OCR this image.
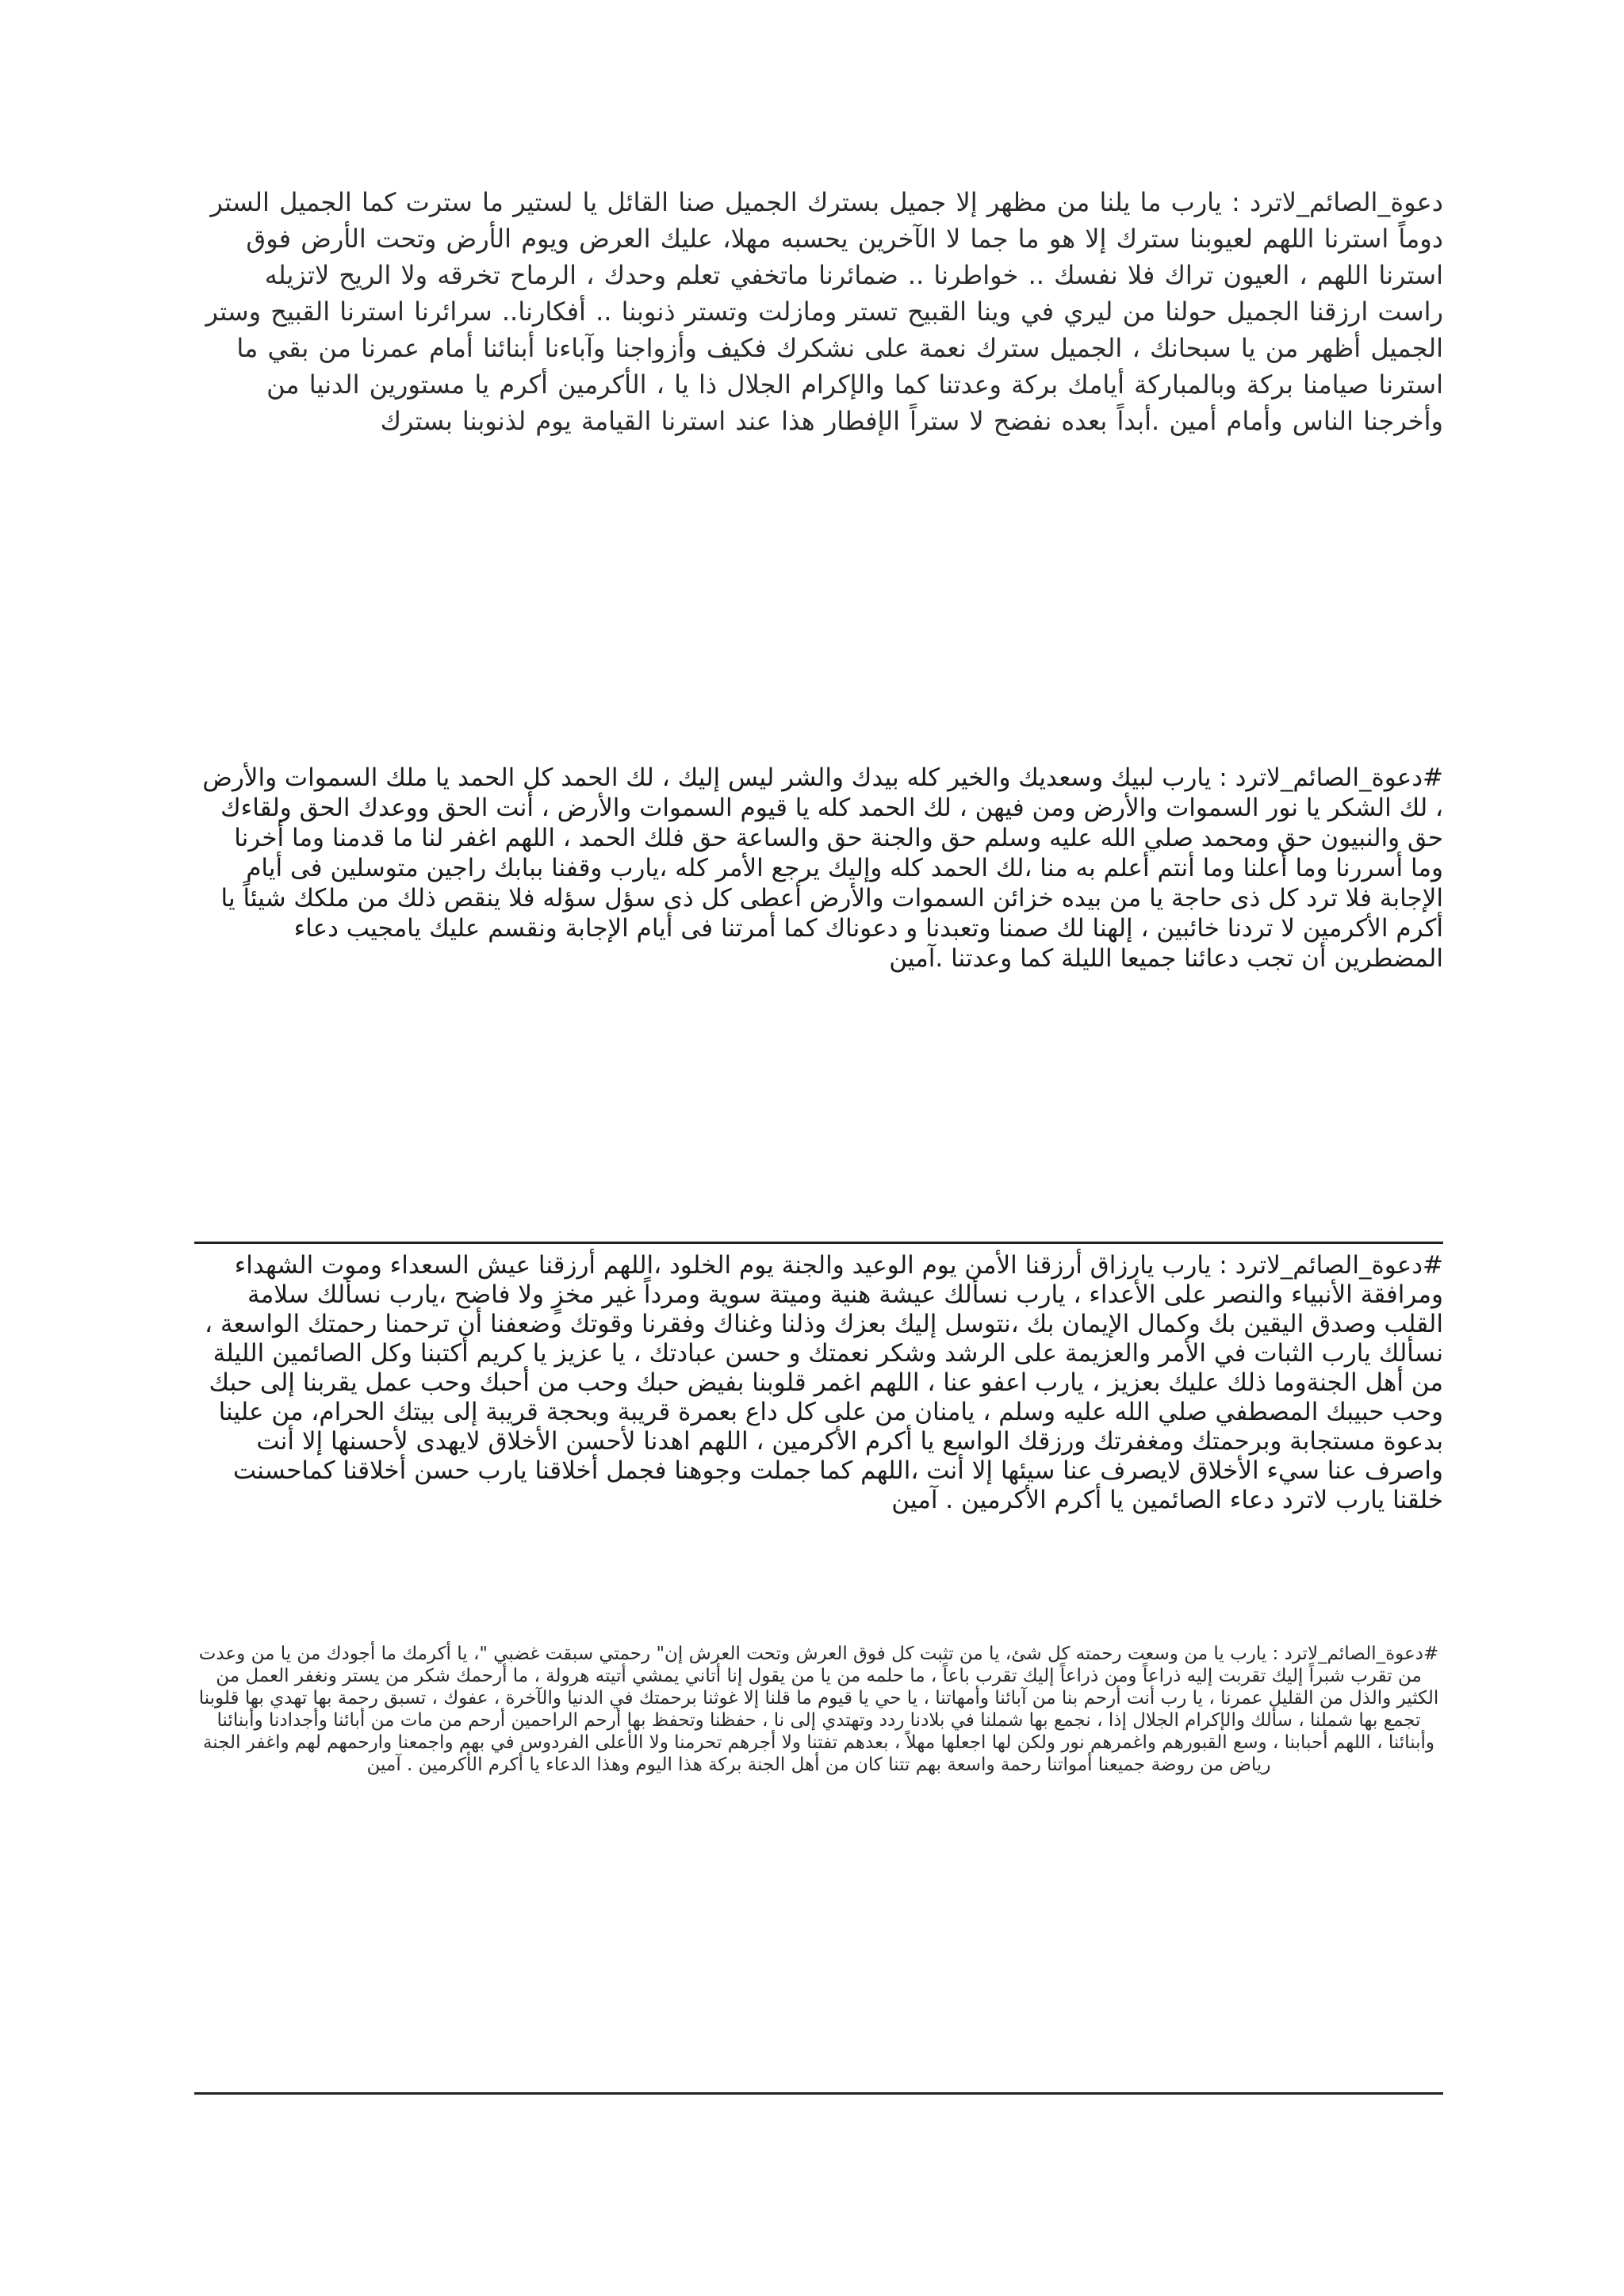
دعوة_الصائم_لاترد : يارب ما يلنا من مظهر إلا جميل بسترك الجميل صنا القائل يا لستير ما سترت كما الجميل الستر دوماً استرنا اللهم لعيوبنا سترك إلا هو ما جما لا الآخرين يحسبه مهلا، عليك العرض ويوم الأرض وتحت الأرض فوق استرنا اللهم ، العيون تراك فلا نفسك .. خواطرنا .. ضمائرنا ماتخفي تعلم وحدك ، الرماح تخرقه ولا الريح لاتزيله راست ارزقنا الجميل حولنا من ليري في وينا القبيح تستر ومازلت وتستر ذنوبنا .. أفكارنا.. سرائرنا استرنا القبيح وستر الجميل أظهر من يا سبحانك ، الجميل سترك نعمة على نشكرك فكيف وأزواجنا وآباءنا أبنائنا أمام عمرنا من بقي ما استرنا صيامنا بركة وبالمباركة أيامك بركة وعدتنا كما والإكرام الجلال ذا يا ، الأكرمين أكرم يا مستورين الدنيا من وأخرجنا الناس وأمام أمين .أبداً بعده نفضح لا ستراً الإفطار هذا عند استرنا القيامة يوم لذنوبنا بسترك

#دعوة_الصائم_لاترد : يارب لبيك وسعديك والخير كله بيدك والشر ليس إليك ، لك الحمد كل الحمد يا ملك السموات والأرض ، لك الشكر يا نور السموات والأرض ومن فيهن ، لك الحمد كله يا قيوم السموات والأرض ، أنت الحق ووعدك الحق ولقاءك حق والنبيون حق ومحمد صلي الله عليه وسلم حق والجنة حق والساعة حق فلك الحمد ، اللهم اغفر لنا ما قدمنا وما أخرنا وما أسررنا وما أعلنا وما أنتم أعلم به منا ،لك الحمد كله وإليك يرجع الأمر كله ،يارب وقفنا ببابك راجين متوسلين فى أيام الإجابة فلا ترد كل ذى حاجة يا من بيده خزائن السموات والأرض أعطى كل ذى سؤل سؤله فلا ينقص ذلك من ملكك شيئاً يا أكرم الأكرمين لا تردنا خائبين ، إلهنا لك صمنا وتعبدنا و دعوناك كما أمرتنا فى أيام الإجابة ونقسم عليك يامجيب دعاء المضطرين أن تجب دعائنا جميعا الليلة كما وعدتنا .آمين

#دعوة_الصائم_لاترد : يارب يارزاق أرزقنا الأمن يوم الوعيد والجنة يوم الخلود ،اللهم أرزقنا عيش السعداء وموت الشهداء ومرافقة الأنبياء والنصر على الأعداء ، يارب نسألك عيشة هنية وميتة سوية ومرداً غير مخزٍ ولا فاضح ،يارب نسألك سلامة القلب وصدق اليقين بك وكمال الإيمان بك ،نتوسل إليك بعزك وذلنا وغناك وفقرنا وقوتك وضعفنا أن ترحمنا رحمتك الواسعة ، نسألك يارب الثبات في الأمر والعزيمة على الرشد وشكر نعمتك و حسن عبادتك ، يا عزيز يا كريم أكتبنا وكل الصائمين الليلة من أهل الجنةوما ذلك عليك بعزيز ، يارب اعفو عنا ، اللهم اغمر قلوبنا بفيض حبك وحب من أحبك وحب عمل يقربنا إلى حبك وحب حبيبك المصطفي صلي الله عليه وسلم ، يامنان من على كل داع بعمرة قريبة وبحجة قريبة إلى بيتك الحرام، من علينا بدعوة مستجابة وبرحمتك ومغفرتك ورزقك الواسع يا أكرم الأكرمين ، اللهم اهدنا لأحسن الأخلاق لايهدى لأحسنها إلا أنت واصرف عنا سيء الأخلاق لايصرف عنا سيئها إلا أنت ،اللهم كما جملت وجوهنا فجمل أخلاقنا يارب حسن أخلاقنا كماحسنت خلقنا يارب لاترد دعاء الصائمين يا أكرم الأكرمين . آمين

#دعوة_الصائم_لاترد : يارب يا من وسعت رحمته كل شئ، يا من تثبت كل فوق العرش وتحت العرش إن" رحمتي سبقت غضبي "، يا أكرمك ما أجودك من يا من وعدت من تقرب شبراً إليك تقربت إليه ذراعاً ومن ذراعاً إليك تقرب باعاً ، ما حلمه من يا من يقول إنا أتاني يمشي أتيته هرولة ، ما أرحمك شكر من يستر ونغفر العمل من الكثير والذل من القليل عمرنا ، يا رب أنت أرحم بنا من آبائنا وأمهاتنا ، يا حي يا قيوم ما قلنا إلا غوثنا برحمتك في الدنيا والآخرة ، عفوك ، تسبق رحمة بها تهدي بها قلوبنا تجمع بها شملنا ، سألك والإكرام الجلال إذا ، نجمع بها شملنا في بلادنا ردد وتهتدي إلى نا ، حفظنا وتحفظ بها أرحم الراحمين أرحم من مات من أبائنا وأجدادنا وأبنائنا وأبنائنا ، اللهم أحبابنا ، وسع القبورهم واغمرهم نور ولكن لها اجعلها مهلاً ، بعدهم تفتنا ولا أجرهم تحرمنا ولا الأعلى الفردوس في بهم واجمعنا وارحمهم لهم واغفر الجنة رياض من روضة جميعنا أمواتنا رحمة واسعة بهم تتنا كان من أهل الجنة بركة هذا اليوم وهذا الدعاء يا أكرم الأكرمين . آمين
